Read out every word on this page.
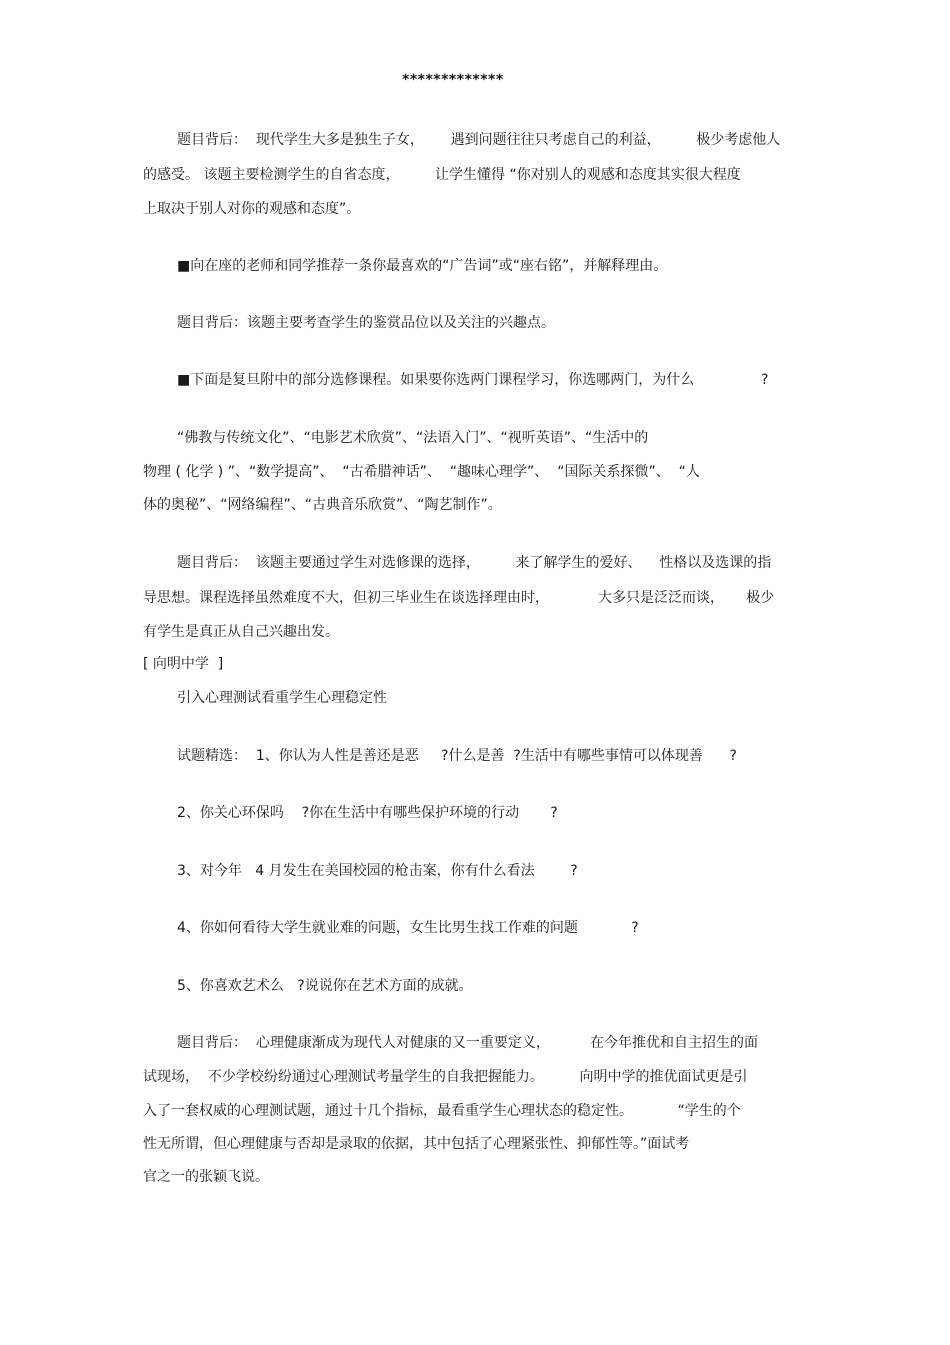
*************
题目背后：  现代学生大多是独生子女，      遇到问题往往只考虑自己的利益，        极少考虑他人
的感受。 该题主要检测学生的自省态度，        让学生懂得 “你对别人的观感和态度其实很大程度
上取决于别人对你的观感和态度”。
■向在座的老师和同学推荐一条你最喜欢的“广告词”或“座右铭”，并解释理由。
题目背后：该题主要考查学生的鉴赏品位以及关注的兴趣点。
■下面是复旦附中的部分选修课程。如果要你选两门课程学习，你选哪两门，为什么               ?
“佛教与传统文化”、“电影艺术欣赏”、“法语入门”、“视听英语”、“生活中的
物理 ( 化学 ) ”、“数学提高”、  “古希腊神话”、  “趣味心理学”、  “国际关系探微”、  “人
体的奥秘”、“网络编程”、“古典音乐欣赏”、“陶艺制作”。
题目背后：  该题主要通过学生对选修课的选择，        来了解学生的爱好、    性格以及选课的指
导思想。课程选择虽然难度不大，但初三毕业生在谈选择理由时，           大多只是泛泛而谈，     极少
有学生是真正从自己兴趣出发。
[ 向明中学  ]
引入心理测试看重学生心理稳定性
试题精选：  1、你认为人性是善还是恶     ?什么是善  ?生活中有哪些事情可以体现善      ?
2、你关心环保吗    ?你在生活中有哪些保护环境的行动       ?
3、对今年   4 月发生在美国校园的枪击案，你有什么看法        ?
4、你如何看待大学生就业难的问题，女生比男生找工作难的问题            ?
5、你喜欢艺术么   ?说说你在艺术方面的成就。
题目背后：  心理健康渐成为现代人对健康的又一重要定义，         在今年推优和自主招生的面
试现场，  不少学校纷纷通过心理测试考量学生的自我把握能力。        向明中学的推优面试更是引
入了一套权威的心理测试题，通过十几个指标，最看重学生心理状态的稳定性。          “学生的个
性无所谓，但心理健康与否却是录取的依据，其中包括了心理紧张性、抑郁性等。”面试考
官之一的张颖飞说。
